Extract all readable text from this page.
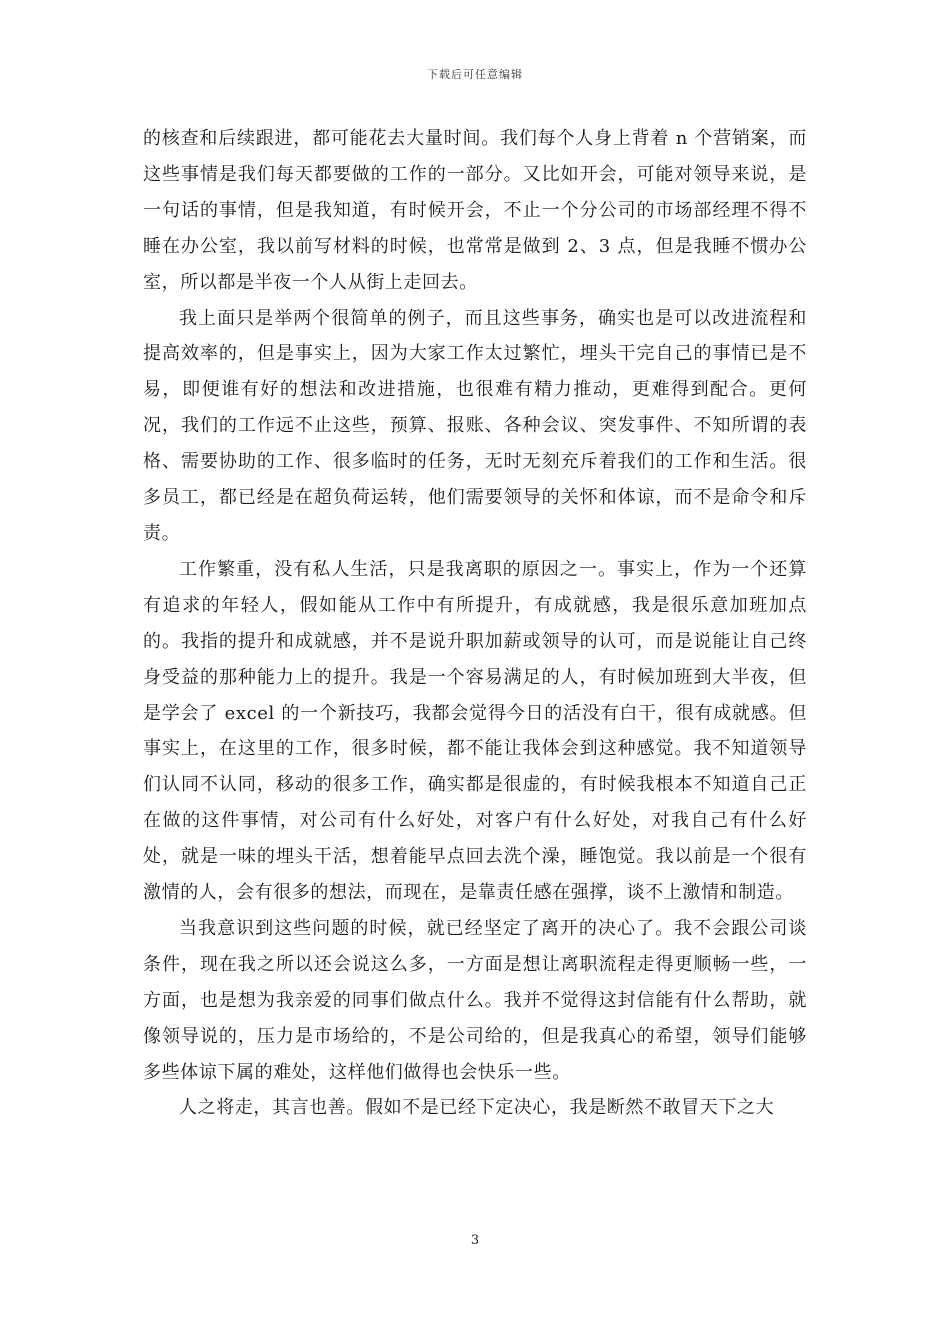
下载后可任意编辑

的核查和后续跟进，都可能花去大量时间。我们每个人身上背着 n 个营销案，而这些事情是我们每天都要做的工作的一部分。又比如开会，可能对领导来说，是一句话的事情，但是我知道，有时候开会，不止一个分公司的市场部经理不得不睡在办公室，我以前写材料的时候，也常常是做到 2、3 点，但是我睡不惯办公室，所以都是半夜一个人从街上走回去。

我上面只是举两个很简单的例子，而且这些事务，确实也是可以改进流程和提高效率的，但是事实上，因为大家工作太过繁忙，埋头干完自己的事情已是不易，即便谁有好的想法和改进措施，也很难有精力推动，更难得到配合。更何况，我们的工作远不止这些，预算、报账、各种会议、突发事件、不知所谓的表格、需要协助的工作、很多临时的任务，无时无刻充斥着我们的工作和生活。很多员工，都已经是在超负荷运转，他们需要领导的关怀和体谅，而不是命令和斥责。

工作繁重，没有私人生活，只是我离职的原因之一。事实上，作为一个还算有追求的年轻人，假如能从工作中有所提升，有成就感，我是很乐意加班加点的。我指的提升和成就感，并不是说升职加薪或领导的认可，而是说能让自己终身受益的那种能力上的提升。我是一个容易满足的人，有时候加班到大半夜，但是学会了 excel 的一个新技巧，我都会觉得今日的活没有白干，很有成就感。但事实上，在这里的工作，很多时候，都不能让我体会到这种感觉。我不知道领导们认同不认同，移动的很多工作，确实都是很虚的，有时候我根本不知道自己正在做的这件事情，对公司有什么好处，对客户有什么好处，对我自己有什么好处，就是一味的埋头干活，想着能早点回去洗个澡，睡饱觉。我以前是一个很有激情的人，会有很多的想法，而现在，是靠责任感在强撑，谈不上激情和制造。

当我意识到这些问题的时候，就已经坚定了离开的决心了。我不会跟公司谈条件，现在我之所以还会说这么多，一方面是想让离职流程走得更顺畅一些，一方面，也是想为我亲爱的同事们做点什么。我并不觉得这封信能有什么帮助，就像领导说的，压力是市场给的，不是公司给的，但是我真心的希望，领导们能够多些体谅下属的难处，这样他们做得也会快乐一些。

人之将走，其言也善。假如不是已经下定决心，我是断然不敢冒天下之大

3
